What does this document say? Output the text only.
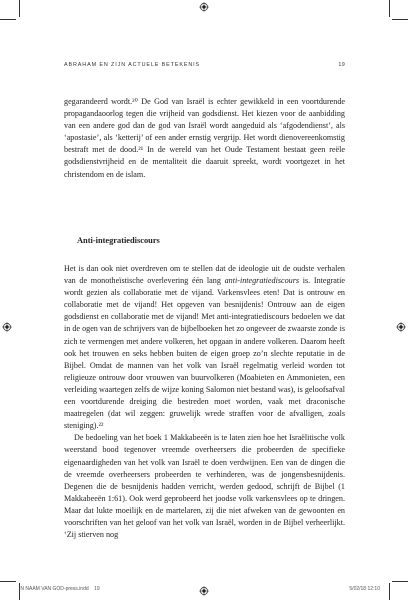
ABRAHAM EN ZIJN ACTUELE BETEKENIS	19

gegarandeerd wordt.²⁰ De God van Israël is echter gewikkeld in een voortdurende propagandaoorlog tegen die vrijheid van godsdienst. Het kiezen voor de aanbidding van een andere god dan de god van Israël wordt aangeduid als ‘afgodendienst’, als ‘apostasie’, als ‘ketterij’ of een ander ernstig vergrijp. Het wordt dienovereenkomstig bestraft met de dood.²¹ In de wereld van het Oude Testament bestaat geen reële godsdienstvrijheid en de mentaliteit die daaruit spreekt, wordt voortgezet in het christendom en de islam.

Anti-integratiediscours

Het is dan ook niet overdreven om te stellen dat de ideologie uit de oudste verhalen van de monotheïstische overlevering één lang anti-integratiediscours is. Integratie wordt gezien als collaboratie met de vijand. Varkensvlees eten! Dat is ontrouw en collaboratie met de vijand! Het opgeven van besnijdenis! Ontrouw aan de eigen godsdienst en collaboratie met de vijand! Met anti-integratiediscours bedoelen we dat in de ogen van de schrijvers van de bijbelboeken het zo ongeveer de zwaarste zonde is zich te vermengen met andere volkeren, het opgaan in andere volkeren. Daarom heeft ook het trouwen en seks hebben buiten de eigen groep zo’n slechte reputatie in de Bijbel. Omdat de mannen van het volk van Israël regelmatig verleid worden tot religieuze ontrouw door vrouwen van buurvolkeren (Moabieten en Ammonieten, een verleiding waartegen zelfs de wijze koning Salomon niet bestand was), is geloofsafval een voortdurende dreiging die bestreden moet worden, vaak met draconische maatregelen (dat wil zeggen: gruwelijk wrede straffen voor de afvalligen, zoals steniging).²²

De bedoeling van het boek 1 Makkabeeën is te laten zien hoe het Israëlitische volk weerstand bood tegenover vreemde overheersers die probeerden de specifieke eigenaardigheden van het volk van Israël te doen verdwijnen. Een van de dingen die de vreemde overheersers probeerden te verhinderen, was de jongensbesnijdenis. Degenen die de besnijdenis hadden verricht, werden gedood, schrijft de Bijbel (1 Makkabeeën 1:61). Ook werd geprobeerd het joodse volk varkensvlees op te dringen. Maar dat lukte moeilijk en de martelaren, zij die niet afweken van de gewoonten en voorschriften van het geloof van het volk van Israël, worden in de Bijbel verheerlijkt. ‘Zij stierven nog

IN NAAM VAN GOD-press.indd 19	5/02/18 12:10
